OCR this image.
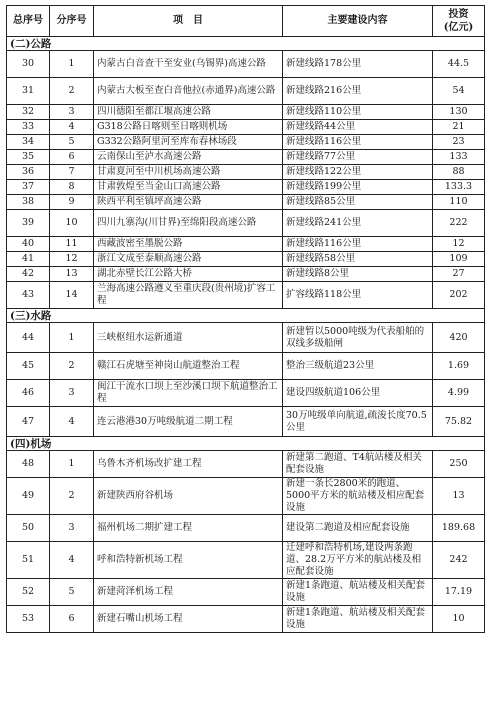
总序号	分序号	项　目	主要建设内容	投资
(亿元)
(二)公路				
30	1	内蒙古白音查干至安业(乌锡界)高速公路	新建线路178公里	44.5
31	2	内蒙古大板至查白音他拉(赤通界)高速公路	新建线路216公里	54
32	3	四川德阳至都江堰高速公路	新建线路110公里	130
33	4	G318公路日喀则至日喀则机场	新建线路44公里	21
34	5	G332公路阿里河至库布春林场段	新建线路116公里	23
35	6	云南保山至泸水高速公路	新建线路77公里	133
36	7	甘肃夏河至中川机场高速公路	新建线路122公里	88
37	8	甘肃敦煌至当金山口高速公路	新建线路199公里	133.3
38	9	陕西平利至镇坪高速公路	新建线路85公里	110
39	10	四川九寨沟(川甘界)至绵阳段高速公路	新建线路241公里	222
40	11	西藏波密至墨脱公路	新建线路116公里	12
41	12	浙江文成至泰顺高速公路	新建线路58公里	109
42	13	湖北赤壁长江公路大桥	新建线路8公里	27
43	14	兰海高速公路遵义至重庆段(贵州境)扩容工程	扩容线路118公里	202
(三)水路				
44	1	三峡枢纽水运新通道	新建暂以5000吨级为代表船舶的双线多级船闸	420
45	2	赣江石虎塘至神岗山航道整治工程	整治三级航道23公里	1.69
46	3	闽江干流水口坝上至沙溪口坝下航道整治工程	建设四级航道106公里	4.99
47	4	连云港港30万吨级航道二期工程	30万吨级单向航道,疏浚长度70.5公里	75.82
(四)机场				
48	1	乌鲁木齐机场改扩建工程	新建第二跑道、T4航站楼及相关配套设施	250
49	2	新建陕西府谷机场	新建一条长2800米的跑道、5000平方米的航站楼及相应配套设施	13
50	3	福州机场二期扩建工程	建设第二跑道及相应配套设施	189.68
51	4	呼和浩特新机场工程	迁建呼和浩特机场,建设两条跑道、28.2万平方米的航站楼及相应配套设施	242
52	5	新建菏泽机场工程	新建1条跑道、航站楼及相关配套设施	17.19
53	6	新建石嘴山机场工程	新建1条跑道、航站楼及相关配套设施	10
